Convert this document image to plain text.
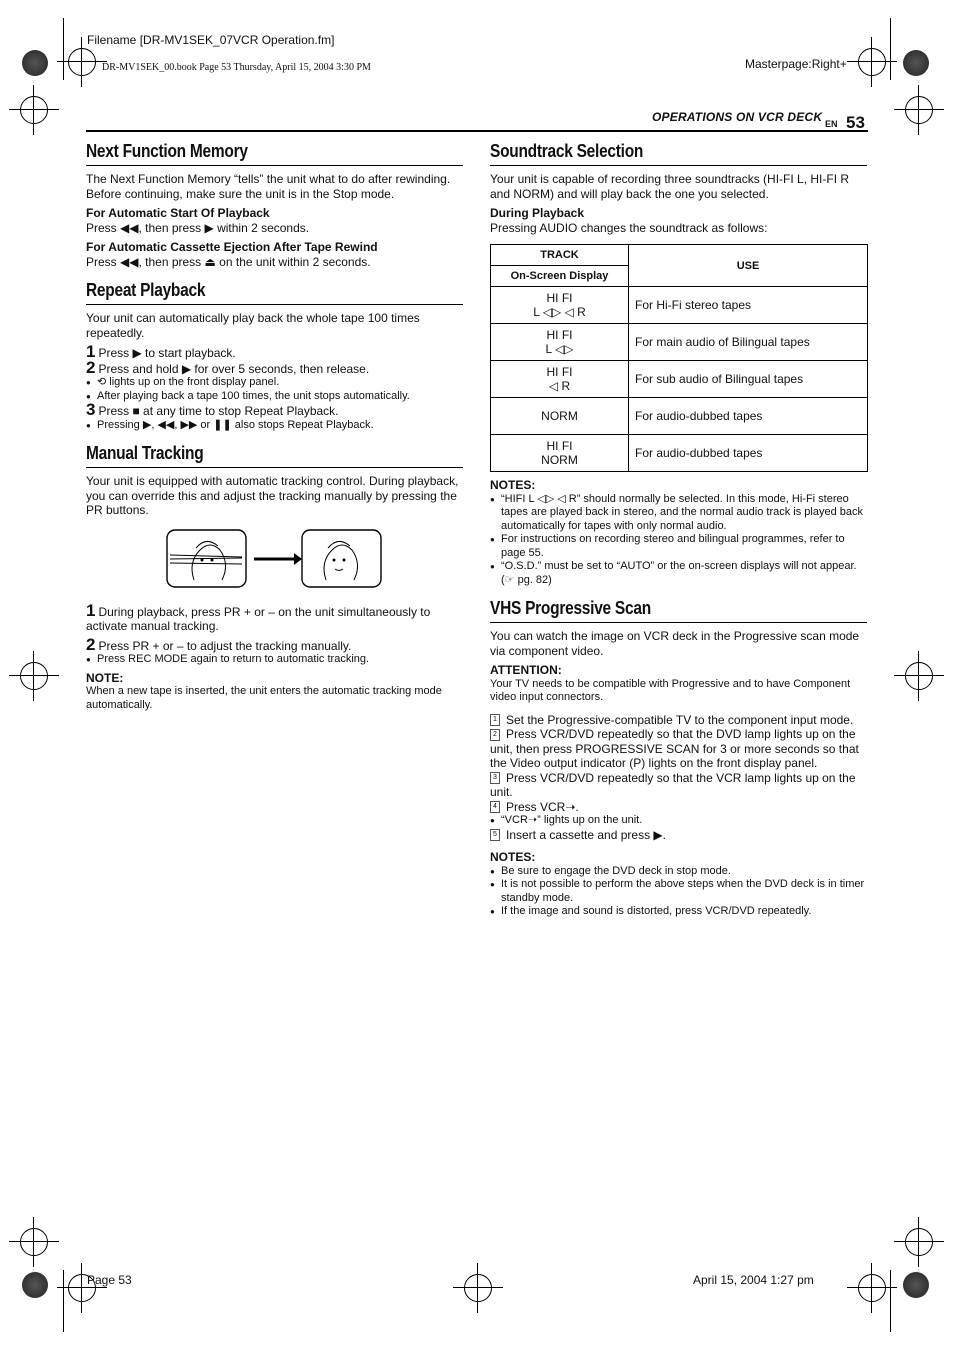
Filename [DR-MV1SEK_07VCR Operation.fm]
DR-MV1SEK_00.book Page 53 Thursday, April 15, 2004 3:30 PM	Masterpage:Right+
OPERATIONS ON VCR DECK EN 53
Next Function Memory

The Next Function Memory “tells” the unit what to do after rewinding. Before continuing, make sure the unit is in the Stop mode.

For Automatic Start Of Playback

Press ◀◀, then press ▶ within 2 seconds.

For Automatic Cassette Ejection After Tape Rewind

Press ◀◀, then press ⏏ on the unit within 2 seconds.

Repeat Playback

Your unit can automatically play back the whole tape 100 times repeatedly.

1 Press ▶ to start playback.
2 Press and hold ▶ for over 5 seconds, then release.
● ⟲ lights up on the front display panel.
● After playing back a tape 100 times, the unit stops automatically.
3 Press ■ at any time to stop Repeat Playback.
● Pressing ▶, ◀◀, ▶▶ or ❚❚ also stops Repeat Playback.
Manual Tracking

Your unit is equipped with automatic tracking control. During playback, you can override this and adjust the tracking manually by pressing the PR buttons.

1 During playback, press PR + or – on the unit simultaneously to activate manual tracking.
2 Press PR + or – to adjust the tracking manually.
● Press REC MODE again to return to automatic tracking.
NOTE:
When a new tape is inserted, the unit enters the automatic tracking mode automatically.
Soundtrack Selection

Your unit is capable of recording three soundtracks (HI-FI L, HI-FI R and NORM) and will play back the one you selected.

During Playback

Pressing AUDIO changes the soundtrack as follows:

TRACK	USE
On-Screen Display	

HI FI
L ◁▷ ◁ R	For Hi-Fi stereo tapes

HI FI
L ◁▷	For main audio of Bilingual tapes

HI FI
◁ R	For sub audio of Bilingual tapes

NORM	For audio-dubbed tapes

HI FI
NORM	For audio-dubbed tapes
NOTES:
● “HIFI L ◁▷ ◁ R” should normally be selected. In this mode, Hi-Fi stereo tapes are played back in stereo, and the normal audio track is played back automatically for tapes with only normal audio.
● For instructions on recording stereo and bilingual programmes, refer to page 55.
● “O.S.D.” must be set to “AUTO” or the on-screen displays will not appear. (☞ pg. 82)
VHS Progressive Scan

You can watch the image on VCR deck in the Progressive scan mode via component video.

ATTENTION:
Your TV needs to be compatible with Progressive and to have Component video input connectors.
1 Set the Progressive-compatible TV to the component input mode.
2 Press VCR/DVD repeatedly so that the DVD lamp lights up on the unit, then press PROGRESSIVE SCAN for 3 or more seconds so that the Video output indicator (P) lights on the front display panel.
3 Press VCR/DVD repeatedly so that the VCR lamp lights up on the unit.
4 Press VCR➝.
● “VCR➝” lights up on the unit.
5 Insert a cassette and press ▶.
NOTES:
● Be sure to engage the DVD deck in stop mode.
● It is not possible to perform the above steps when the DVD deck is in timer standby mode.
● If the image and sound is distorted, press VCR/DVD repeatedly.
Page 53	April 15, 2004 1:27 pm
